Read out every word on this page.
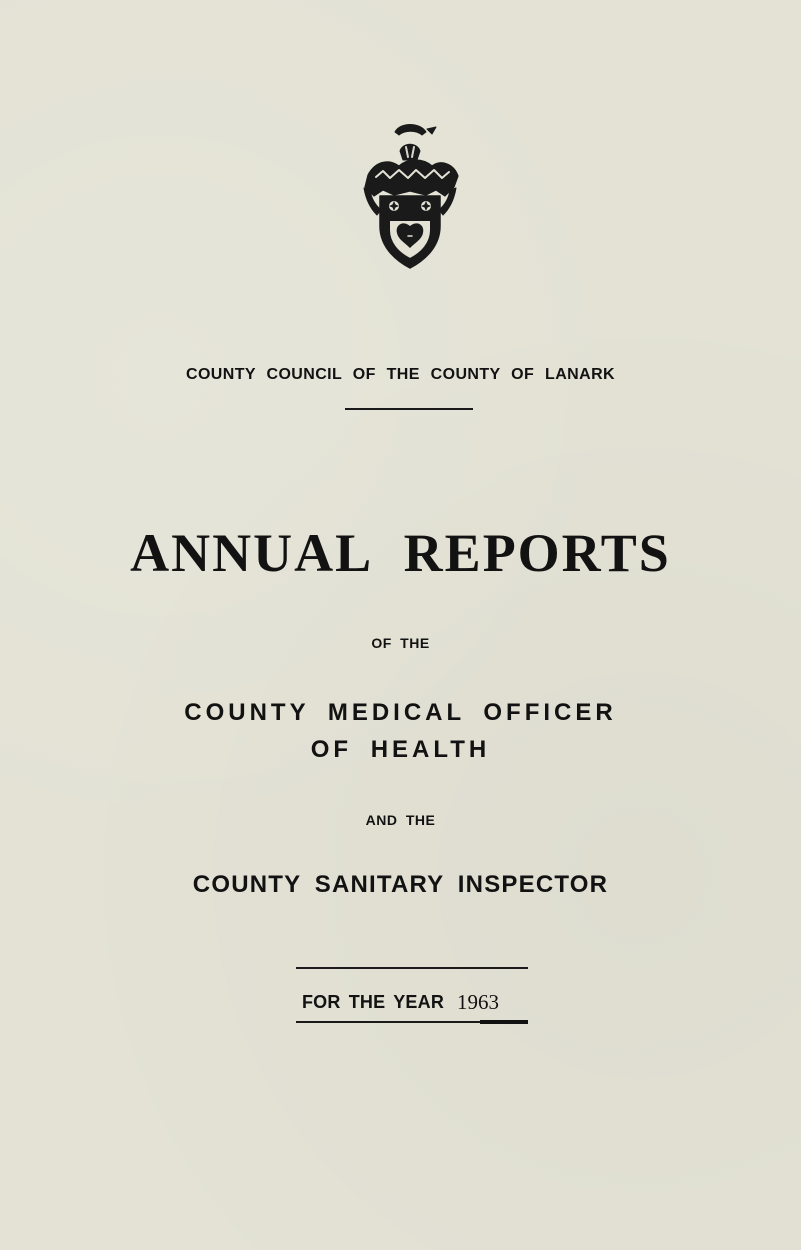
COUNTY COUNCIL OF THE COUNTY OF LANARK
ANNUAL REPORTS
OF THE
COUNTY MEDICAL OFFICER
OF HEALTH
AND THE
COUNTY SANITARY INSPECTOR
FOR THE YEAR 1963
